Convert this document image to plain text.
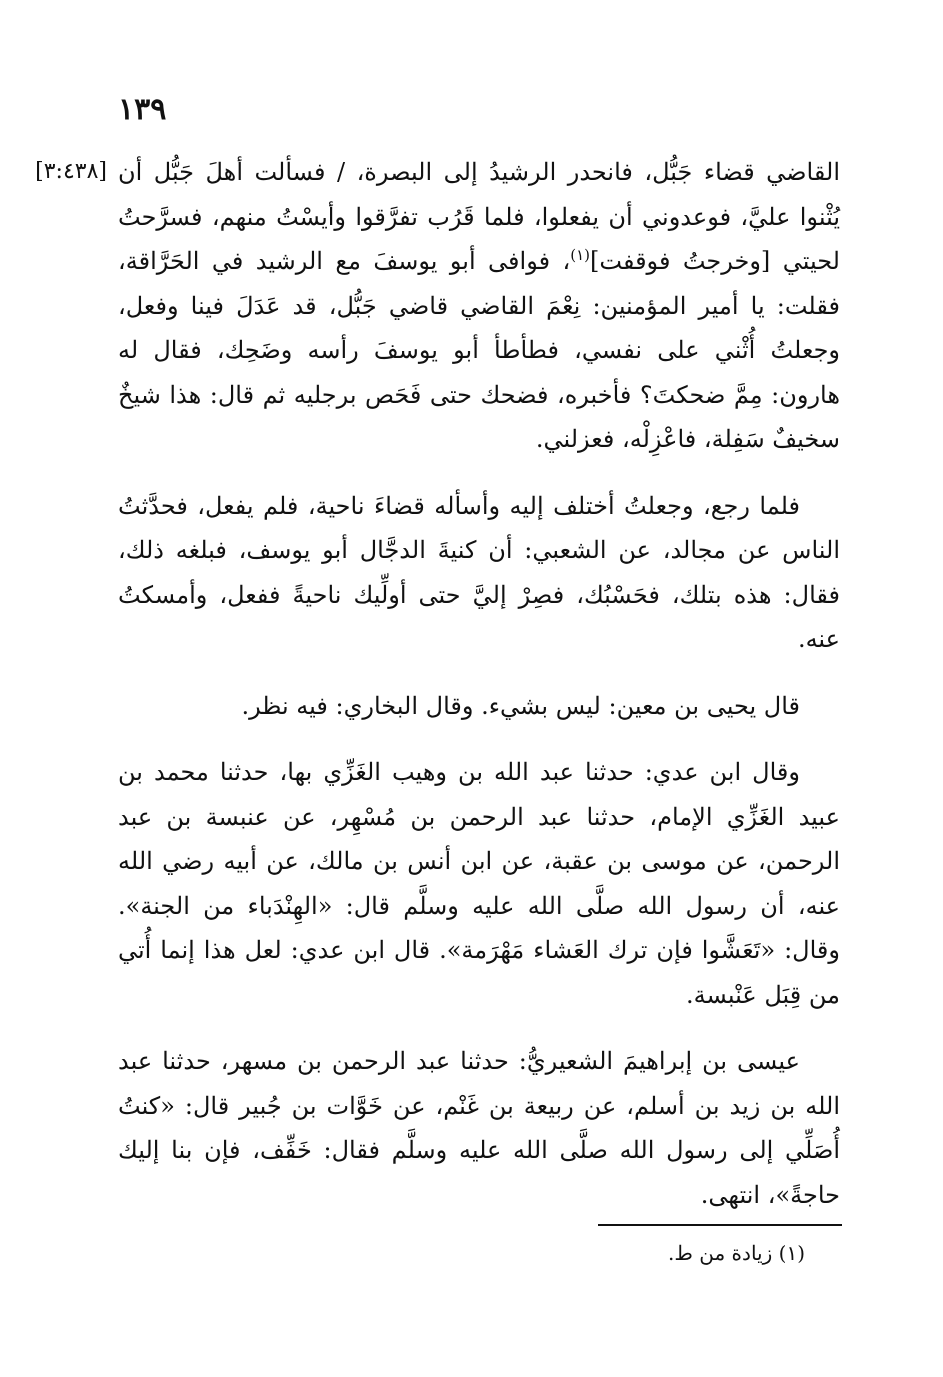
١٣٩
[٣:٤٣٨] القاضي قضاء جَبُّل، فانحدر الرشيدُ إلى البصرة، / فسألت أهلَ جَبُّل أن يُثْنوا عليَّ، فوعدوني أن يفعلوا، فلما قَرُب تفرَّقوا وأيسْتُ منهم، فسرَّحتُ لحيتي [وخرجتُ فوقفت]$^{(١)}$، فوافى أبو يوسفَ مع الرشيد في الحَرَّاقة، فقلت: يا أمير المؤمنين: نِعْمَ القاضي قاضي جَبُّل، قد عَدَلَ فينا وفعل، وجعلتُ أُثْني على نفسي، فطأطأ أبو يوسفَ رأسه وضَحِك، فقال له هارون: مِمَّ ضحكتَ؟ فأخبره، فضحك حتى فَحَص برجليه ثم قال: هذا شيخٌ سخيفٌ سَفِلة، فاعْزِلْه، فعزلني.

فلما رجع، وجعلتُ أختلف إليه وأسأله قضاءَ ناحية، فلم يفعل، فحدَّثتُ الناس عن مجالد، عن الشعبي: أن كنيةَ الدجَّال أبو يوسف، فبلغه ذلك، فقال: هذه بتلك، فحَسْبُك، فصِرْ إليَّ حتى أولِّيك ناحيةً ففعل، وأمسكتُ عنه.

قال يحيى بن معين: ليس بشيء. وقال البخاري: فيه نظر.

وقال ابن عدي: حدثنا عبد الله بن وهيب الغَزِّي بها، حدثنا محمد بن عبيد الغَزِّي الإمام، حدثنا عبد الرحمن بن مُسْهِر، عن عنبسة بن عبد الرحمن، عن موسى بن عقبة، عن ابن أنس بن مالك، عن أبيه رضي الله عنه، أن رسول الله صلَّى الله عليه وسلَّم قال: «الهِنْدَباء من الجنة». وقال: «تَعَشَّوا فإن ترك العَشاء مَهْرَمة». قال ابن عدي: لعل هذا إنما أُتي من قِبَل عَنْبسة.

عيسى بن إبراهيمَ الشعيريُّ: حدثنا عبد الرحمن بن مسهر، حدثنا عبد الله بن زيد بن أسلم، عن ربيعة بن غَنْم، عن خَوَّات بن جُبير قال: «كنتُ أُصَلِّي إلى رسول الله صلَّى الله عليه وسلَّم فقال: خَفِّف، فإن بنا إليك حاجةً»، انتهى.

(١) زيادة من ط.
